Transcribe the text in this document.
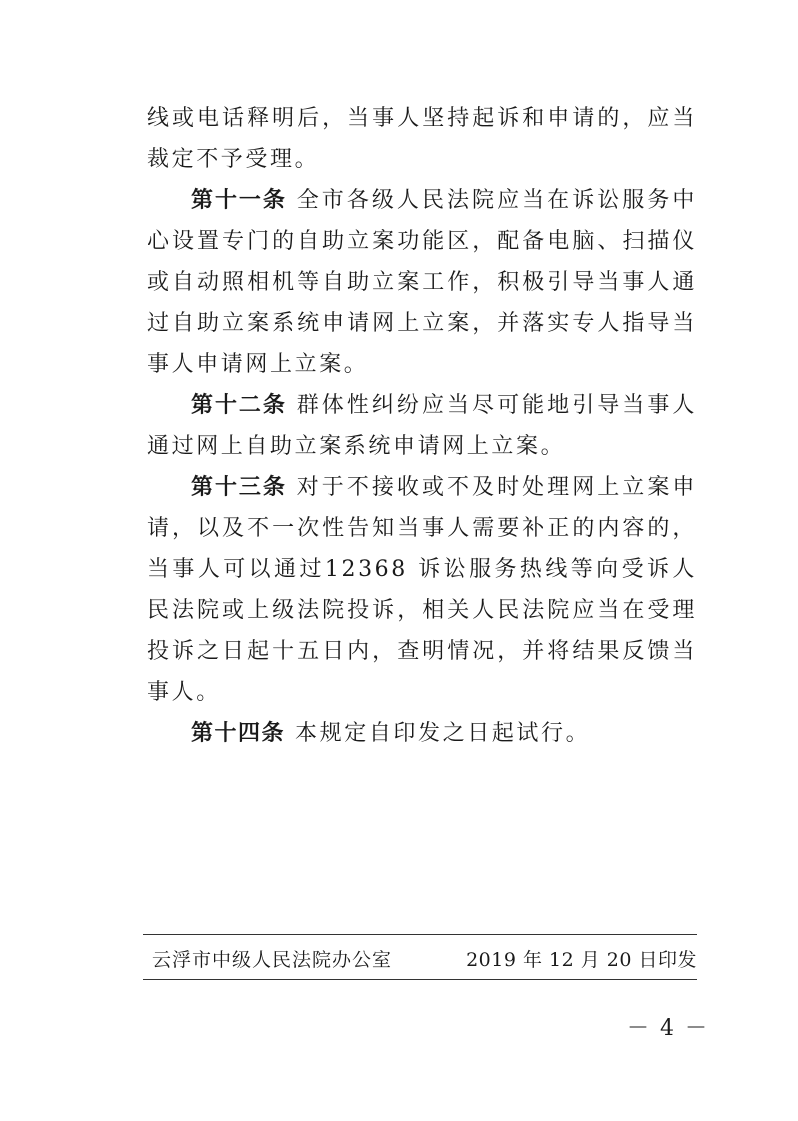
线或电话释明后，当事人坚持起诉和申请的，应当裁定不予受理。

第十一条 全市各级人民法院应当在诉讼服务中心设置专门的自助立案功能区，配备电脑、扫描仪或自动照相机等自助立案工作，积极引导当事人通过自助立案系统申请网上立案，并落实专人指导当事人申请网上立案。

第十二条 群体性纠纷应当尽可能地引导当事人通过网上自助立案系统申请网上立案。

第十三条 对于不接收或不及时处理网上立案申请，以及不一次性告知当事人需要补正的内容的，当事人可以通过12368 诉讼服务热线等向受诉人民法院或上级法院投诉，相关人民法院应当在受理投诉之日起十五日内，查明情况，并将结果反馈当事人。

第十四条 本规定自印发之日起试行。

云浮市中级人民法院办公室	2019 年 12 月 20 日印发
－ 4 －
